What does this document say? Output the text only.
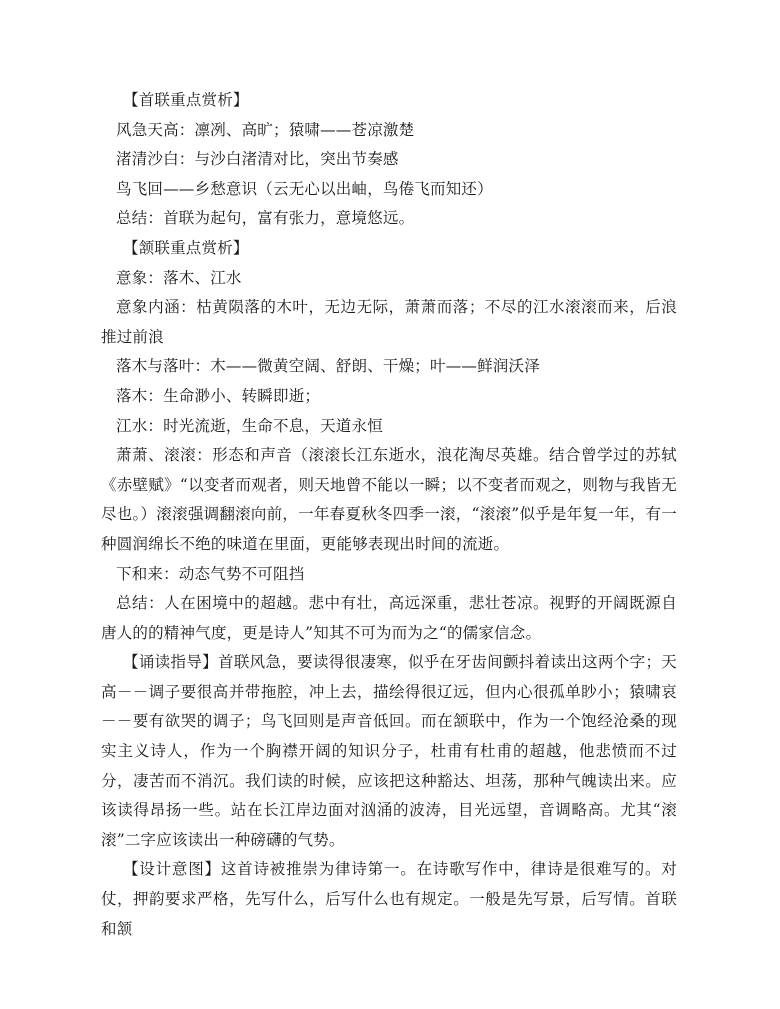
【首联重点赏析】

风急天高：凛冽、高旷；猿啸——苍凉激楚

渚清沙白：与沙白渚清对比，突出节奏感

鸟飞回——乡愁意识（云无心以出岫，鸟倦飞而知还）

总结：首联为起句，富有张力，意境悠远。

【颔联重点赏析】

意象：落木、江水

意象内涵：枯黄陨落的木叶，无边无际，萧萧而落；不尽的江水滚滚而来，后浪推过前浪

落木与落叶：木——微黄空阔、舒朗、干燥；叶——鲜润沃泽

落木：生命渺小、转瞬即逝；

江水：时光流逝，生命不息，天道永恒

萧萧、滚滚：形态和声音（滚滚长江东逝水，浪花淘尽英雄。结合曾学过的苏轼《赤壁赋》“以变者而观者，则天地曾不能以一瞬；以不变者而观之，则物与我皆无尽也。）滚滚强调翻滚向前，一年春夏秋冬四季一滚，“滚滚”似乎是年复一年，有一种圆润绵长不绝的味道在里面，更能够表现出时间的流逝。

下和来：动态气势不可阻挡

总结：人在困境中的超越。悲中有壮，高远深重，悲壮苍凉。视野的开阔既源自唐人的的精神气度，更是诗人”知其不可为而为之“的儒家信念。

【诵读指导】首联风急，要读得很凄寒，似乎在牙齿间颤抖着读出这两个字；天高－－调子要很高并带拖腔，冲上去，描绘得很辽远，但内心很孤单眇小；猿啸哀－－要有欲哭的调子；鸟飞回则是声音低回。而在颔联中，作为一个饱经沧桑的现实主义诗人，作为一个胸襟开阔的知识分子，杜甫有杜甫的超越，他悲愤而不过分，凄苦而不消沉。我们读的时候，应该把这种豁达、坦荡，那种气魄读出来。应该读得昂扬一些。站在长江岸边面对汹涌的波涛，目光远望，音调略高。尤其“滚滚”二字应该读出一种磅礴的气势。

【设计意图】这首诗被推崇为律诗第一。在诗歌写作中，律诗是很难写的。对仗，押韵要求严格，先写什么，后写什么也有规定。一般是先写景，后写情。首联和颔
